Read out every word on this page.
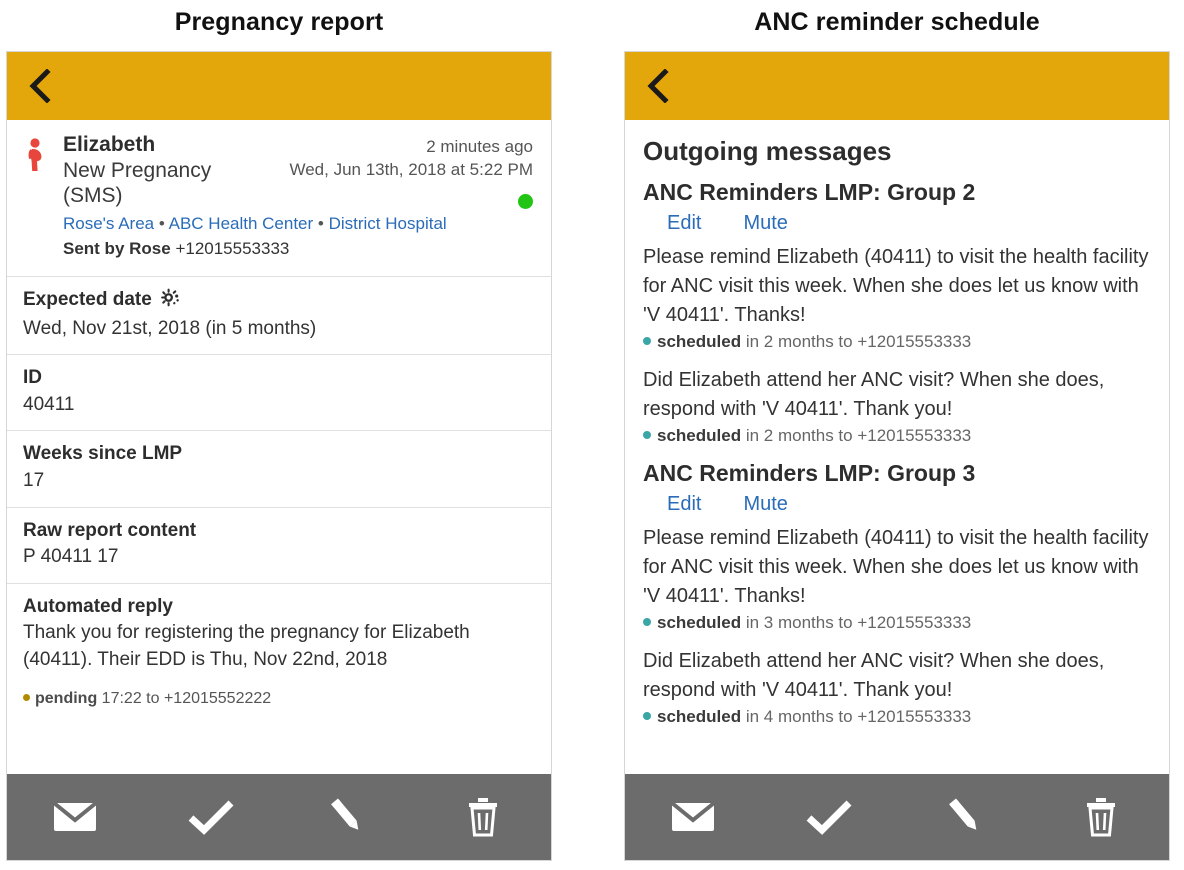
Pregnancy report
2 minutes ago
Wed, Jun 13th, 2018 at 5:22 PM
Elizabeth
New Pregnancy
(SMS)
Rose's Area • ABC Health Center • District Hospital
Sent by Rose +12015553333
Expected date
Wed, Nov 21st, 2018 (in 5 months)
ID
40411
Weeks since LMP
17
Raw report content
P 40411 17
Automated reply
Thank you for registering the pregnancy for Elizabeth (40411). Their EDD is Thu, Nov 22nd, 2018
pending 17:22 to +12015552222
ANC reminder schedule
Outgoing messages
ANC Reminders LMP: Group 2
Edit Mute
Please remind Elizabeth (40411) to visit the health facility for ANC visit this week. When she does let us know with 'V 40411'. Thanks!
scheduled in 2 months to +12015553333
Did Elizabeth attend her ANC visit? When she does, respond with 'V 40411'. Thank you!
scheduled in 2 months to +12015553333
ANC Reminders LMP: Group 3
Edit Mute
Please remind Elizabeth (40411) to visit the health facility for ANC visit this week. When she does let us know with 'V 40411'. Thanks!
scheduled in 3 months to +12015553333
Did Elizabeth attend her ANC visit? When she does, respond with 'V 40411'. Thank you!
scheduled in 4 months to +12015553333
